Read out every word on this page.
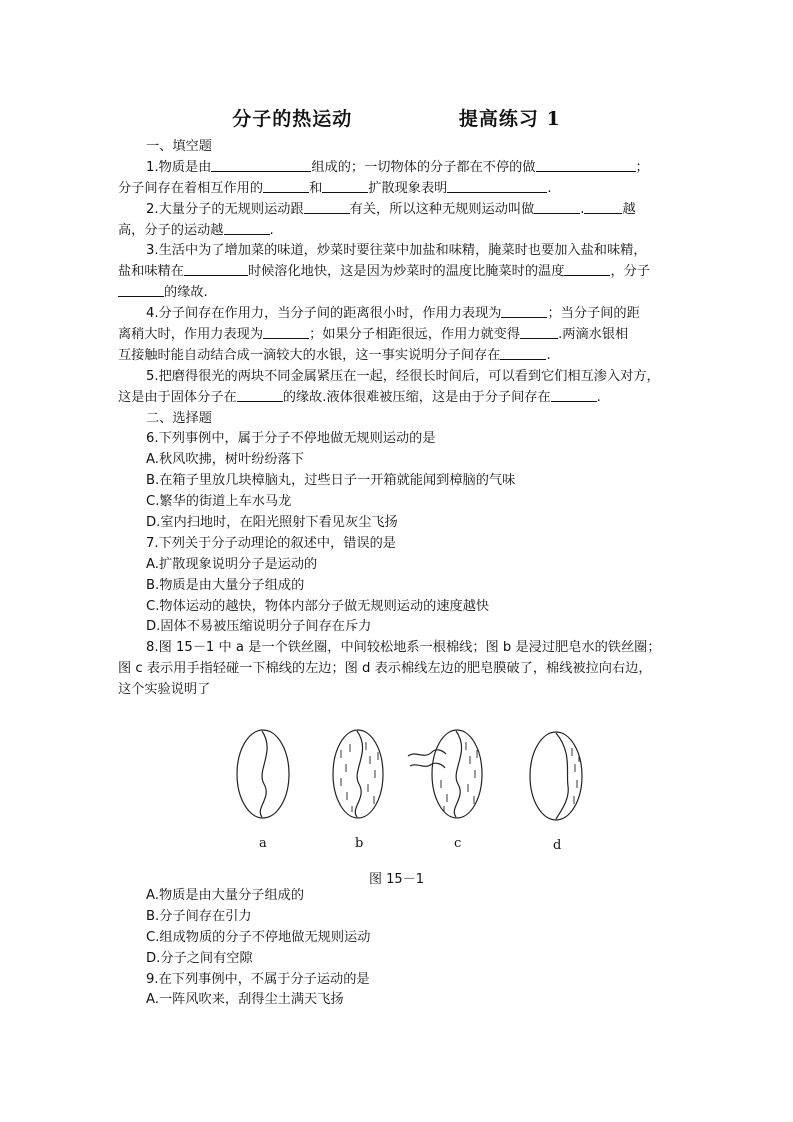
分子的热运动              提高练习 1
一、填空题
1.物质是由	组成的；一切物体的分子都在不停的做	；
分子间存在着相互作用的	和	扩散现象表明	.
2.大量分子的无规则运动跟	有关，所以这种无规则运动叫做	.	越
高，分子的运动越	.
3.生活中为了增加菜的味道，炒菜时要往菜中加盐和味精，腌菜时也要加入盐和味精，
盐和味精在	时候溶化地快，这是因为炒菜时的温度比腌菜时的温度	，分子
的缘故.
4.分子间存在作用力，当分子间的距离很小时，作用力表现为	；当分子间的距
离稍大时，作用力表现为	；如果分子相距很远，作用力就变得	.两滴水银相
互接触时能自动结合成一滴较大的水银，这一事实说明分子间存在	.
5.把磨得很光的两块不同金属紧压在一起，经很长时间后，可以看到它们相互渗入对方，
这是由于固体分子在	的缘故.液体很难被压缩，这是由于分子间存在	.
二、选择题
6.下列事例中，属于分子不停地做无规则运动的是
A.秋风吹拂，树叶纷纷落下
B.在箱子里放几块樟脑丸，过些日子一开箱就能闻到樟脑的气味
C.繁华的街道上车水马龙
D.室内扫地时，在阳光照射下看见灰尘飞扬
7.下列关于分子动理论的叙述中，错误的是
A.扩散现象说明分子是运动的
B.物质是由大量分子组成的
C.物体运动的越快，物体内部分子做无规则运动的速度越快
D.固体不易被压缩说明分子间存在斥力
8.图 15－1 中 a 是一个铁丝圈，中间较松地系一根棉线；图 b 是浸过肥皂水的铁丝圈；
图 c 表示用手指轻碰一下棉线的左边；图 d 表示棉线左边的肥皂膜破了，棉线被拉向右边，
这个实验说明了
a	b	c	d
图 15－1
A.物质是由大量分子组成的
B.分子间存在引力
C.组成物质的分子不停地做无规则运动
D.分子之间有空隙
9.在下列事例中，不属于分子运动的是
A.一阵风吹来，刮得尘土满天飞扬
